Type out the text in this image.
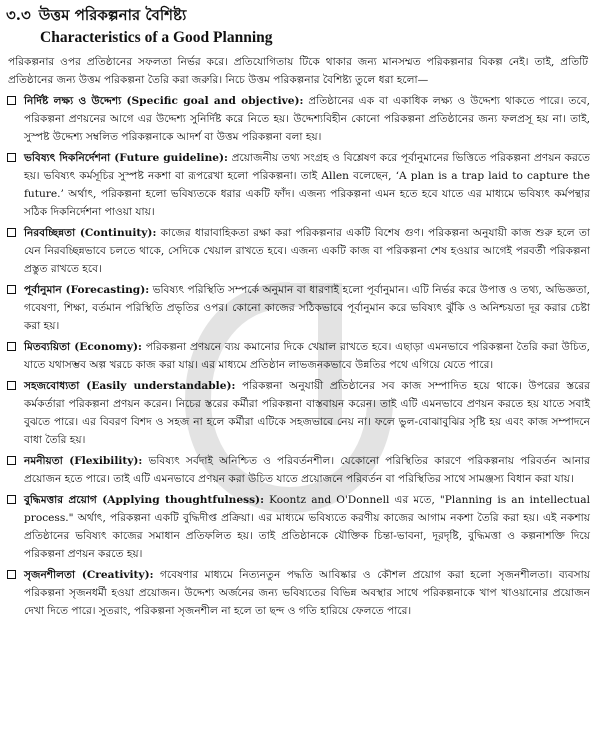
৩.৩ উত্তম পরিকল্পনার বৈশিষ্ট্য
Characteristics of a Good Planning
পরিকল্পনার ওপর প্রতিষ্ঠানের সফলতা নির্ভর করে। প্রতিযোগিতায় টিকে থাকার জন্য মানসম্মত পরিকল্পনার বিকল্প নেই। তাই, প্রতিটি প্রতিষ্ঠানের জন্য উত্তম পরিকল্পনা তৈরি করা জরুরি। নিচে উত্তম পরিকল্পনার বৈশিষ্ট্য তুলে ধরা হলো—
নির্দিষ্ট লক্ষ্য ও উদ্দেশ্য (Specific goal and objective): প্রতিষ্ঠানের এক বা একাধিক লক্ষ্য ও উদ্দেশ্য থাকতে পারে। তবে, পরিকল্পনা প্রণয়নের আগে এর উদ্দেশ্য সুনির্দিষ্ট করে নিতে হয়। উদ্দেশ্যবিহীন কোনো পরিকল্পনা প্রতিষ্ঠানের জন্য ফলপ্রসূ হয় না। তাই, সুস্পষ্ট উদ্দেশ্য সম্বলিত পরিকল্পনাকে আদর্শ বা উত্তম পরিকল্পনা বলা হয়।
ভবিষ্যৎ দিকনির্দেশনা (Future guideline): প্রয়োজনীয় তথ্য সংগ্রহ ও বিশ্লেষণ করে পূর্বানুমানের ভিত্তিতে পরিকল্পনা প্রণয়ন করতে হয়। ভবিষ্যৎ কর্মসূচির সুস্পষ্ট নকশা বা রূপরেখা হলো পরিকল্পনা। তাই Allen বলেছেন, ‘A plan is a trap laid to capture the future.’ অর্থাৎ, পরিকল্পনা হলো ভবিষ্যতকে ধরার একটি ফাঁদ। এজন্য পরিকল্পনা এমন হতে হবে যাতে এর মাধ্যমে ভবিষ্যৎ কর্মপন্থার সঠিক দিকনির্দেশনা পাওয়া যায়।
নিরবচ্ছিন্নতা (Continuity): কাজের ধারাবাহিকতা রক্ষা করা পরিকল্পনার একটি বিশেষ গুণ। পরিকল্পনা অনুযায়ী কাজ শুরু হলে তা যেন নিরবচ্ছিন্নভাবে চলতে থাকে, সেদিকে খেয়াল রাখতে হবে। এজন্য একটি কাজ বা পরিকল্পনা শেষ হওয়ার আগেই পরবর্তী পরিকল্পনা প্রস্তুত রাখতে হবে।
পূর্বানুমান (Forecasting): ভবিষ্যৎ পরিস্থিতি সম্পর্কে অনুমান বা ধারণাই হলো পূর্বানুমান। এটি নির্ভর করে উপাত্ত ও তথ্য, অভিজ্ঞতা, গবেষণা, শিক্ষা, বর্তমান পরিস্থিতি প্রভৃতির ওপর। কোনো কাজের সঠিকভাবে পূর্বানুমান করে ভবিষ্যৎ ঝুঁকি ও অনিশ্চয়তা দূর করার চেষ্টা করা হয়।
মিতব্যয়িতা (Economy): পরিকল্পনা প্রণয়নে ব্যয় কমানোর দিকে খেয়াল রাখতে হবে। এছাড়া এমনভাবে পরিকল্পনা তৈরি করা উচিত, যাতে যথাসম্ভব অল্প খরচে কাজ করা যায়। এর মাধ্যমে প্রতিষ্ঠান লাভজনকভাবে উন্নতির পথে এগিয়ে যেতে পারে।
সহজবোধ্যতা (Easily understandable): পরিকল্পনা অনুযায়ী প্রতিষ্ঠানের সব কাজ সম্পাদিত হয়ে থাকে। উপরের স্তরের কর্মকর্তারা পরিকল্পনা প্রণয়ন করেন। নিচের স্তরের কর্মীরা পরিকল্পনা বাস্তবায়ন করেন। তাই এটি এমনভাবে প্রণয়ন করতে হয় যাতে সবাই বুঝতে পারে। এর বিবরণ বিশদ ও সহজ না হলে কর্মীরা এটিকে সহজভাবে নেয় না। ফলে ভুল-বোঝাবুঝির সৃষ্টি হয় এবং কাজ সম্পাদনে বাধা তৈরি হয়।
নমনীয়তা (Flexibility): ভবিষ্যৎ সর্বদাই অনিশ্চিত ও পরিবর্তনশীল। যেকোনো পরিস্থিতির কারণে পরিকল্পনায় পরিবর্তন আনার প্রয়োজন হতে পারে। তাই এটি এমনভাবে প্রণয়ন করা উচিত যাতে প্রয়োজনে পরিবর্তন বা পরিস্থিতির সাথে সামঞ্জস্য বিধান করা যায়।
বুদ্ধিমত্তার প্রয়োগ (Applying thoughtfulness): Koontz and O'Donnell এর মতে, "Planning is an intellectual process." অর্থাৎ, পরিকল্পনা একটি বুদ্ধিদীপ্ত প্রক্রিয়া। এর মাধ্যমে ভবিষ্যতে করণীয় কাজের আগাম নকশা তৈরি করা হয়। এই নকশায় প্রতিষ্ঠানের ভবিষ্যৎ কাজের সমাধান প্রতিফলিত হয়। তাই প্রতিষ্ঠানকে যৌক্তিক চিন্তা-ভাবনা, দূরদৃষ্টি, বুদ্ধিমত্তা ও কল্পনাশক্তি দিয়ে পরিকল্পনা প্রণয়ন করতে হয়।
সৃজনশীলতা (Creativity): গবেষণার মাধ্যমে নিত্যনতুন পদ্ধতি আবিষ্কার ও কৌশল প্রয়োগ করা হলো সৃজনশীলতা। ব্যবসায় পরিকল্পনা সৃজনধর্মী হওয়া প্রয়োজন। উদ্দেশ্য অর্জনের জন্য ভবিষ্যতের বিভিন্ন অবস্থার সাথে পরিকল্পনাকে খাপ খাওয়ানোর প্রয়োজন দেখা দিতে পারে। সুতরাং, পরিকল্পনা সৃজনশীল না হলে তা ছন্দ ও গতি হারিয়ে ফেলতে পারে।
